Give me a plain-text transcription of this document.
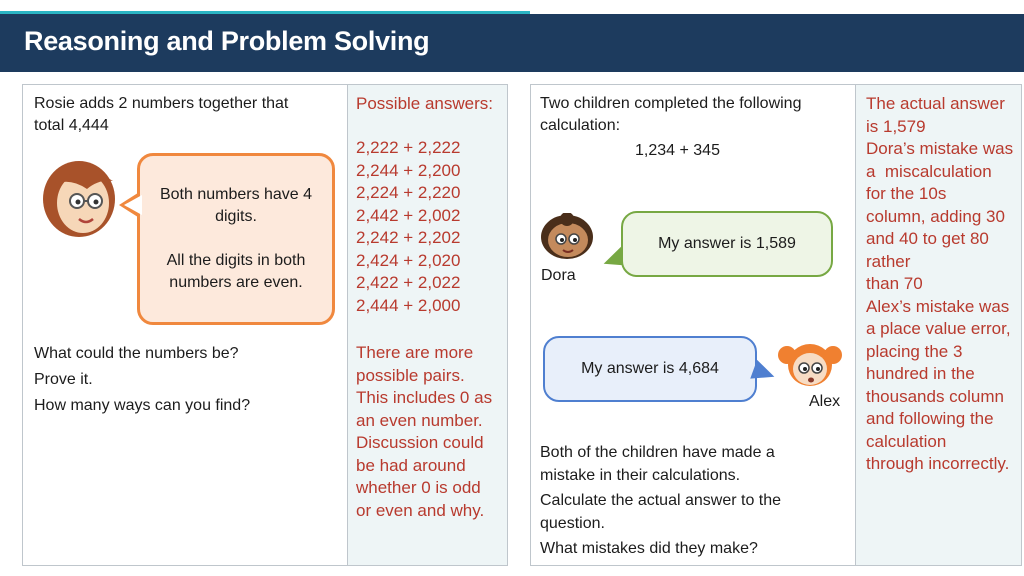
Reasoning and Problem Solving
Rosie adds 2 numbers together that
total 4,444
Both numbers have 4
digits.
All the digits in both
numbers are even.
What could the numbers be?
Prove it.
How many ways can you find?
Possible answers:
2,222 + 2,222
2,244 + 2,200
2,224 + 2,220
2,442 + 2,002
2,242 + 2,202
2,424 + 2,020
2,422 + 2,022
2,444 + 2,000
There are more
possible pairs.
This includes 0 as
an even number.
Discussion could
be had around
whether 0 is odd
or even and why.
Two children completed the following
calculation:
1,234 + 345
Dora
My answer is 1,589
My answer is 4,684
Alex
Both of the children have made a
mistake in their calculations.
Calculate the actual answer to the
question.
What mistakes did they make?
The actual answer
is 1,579
Dora’s mistake was
a  miscalculation
for the 10s
column, adding 30
and 40 to get 80
rather
than 70
Alex’s mistake was
a place value error,
placing the 3
hundred in the
thousands column
and following the
calculation
through incorrectly.
